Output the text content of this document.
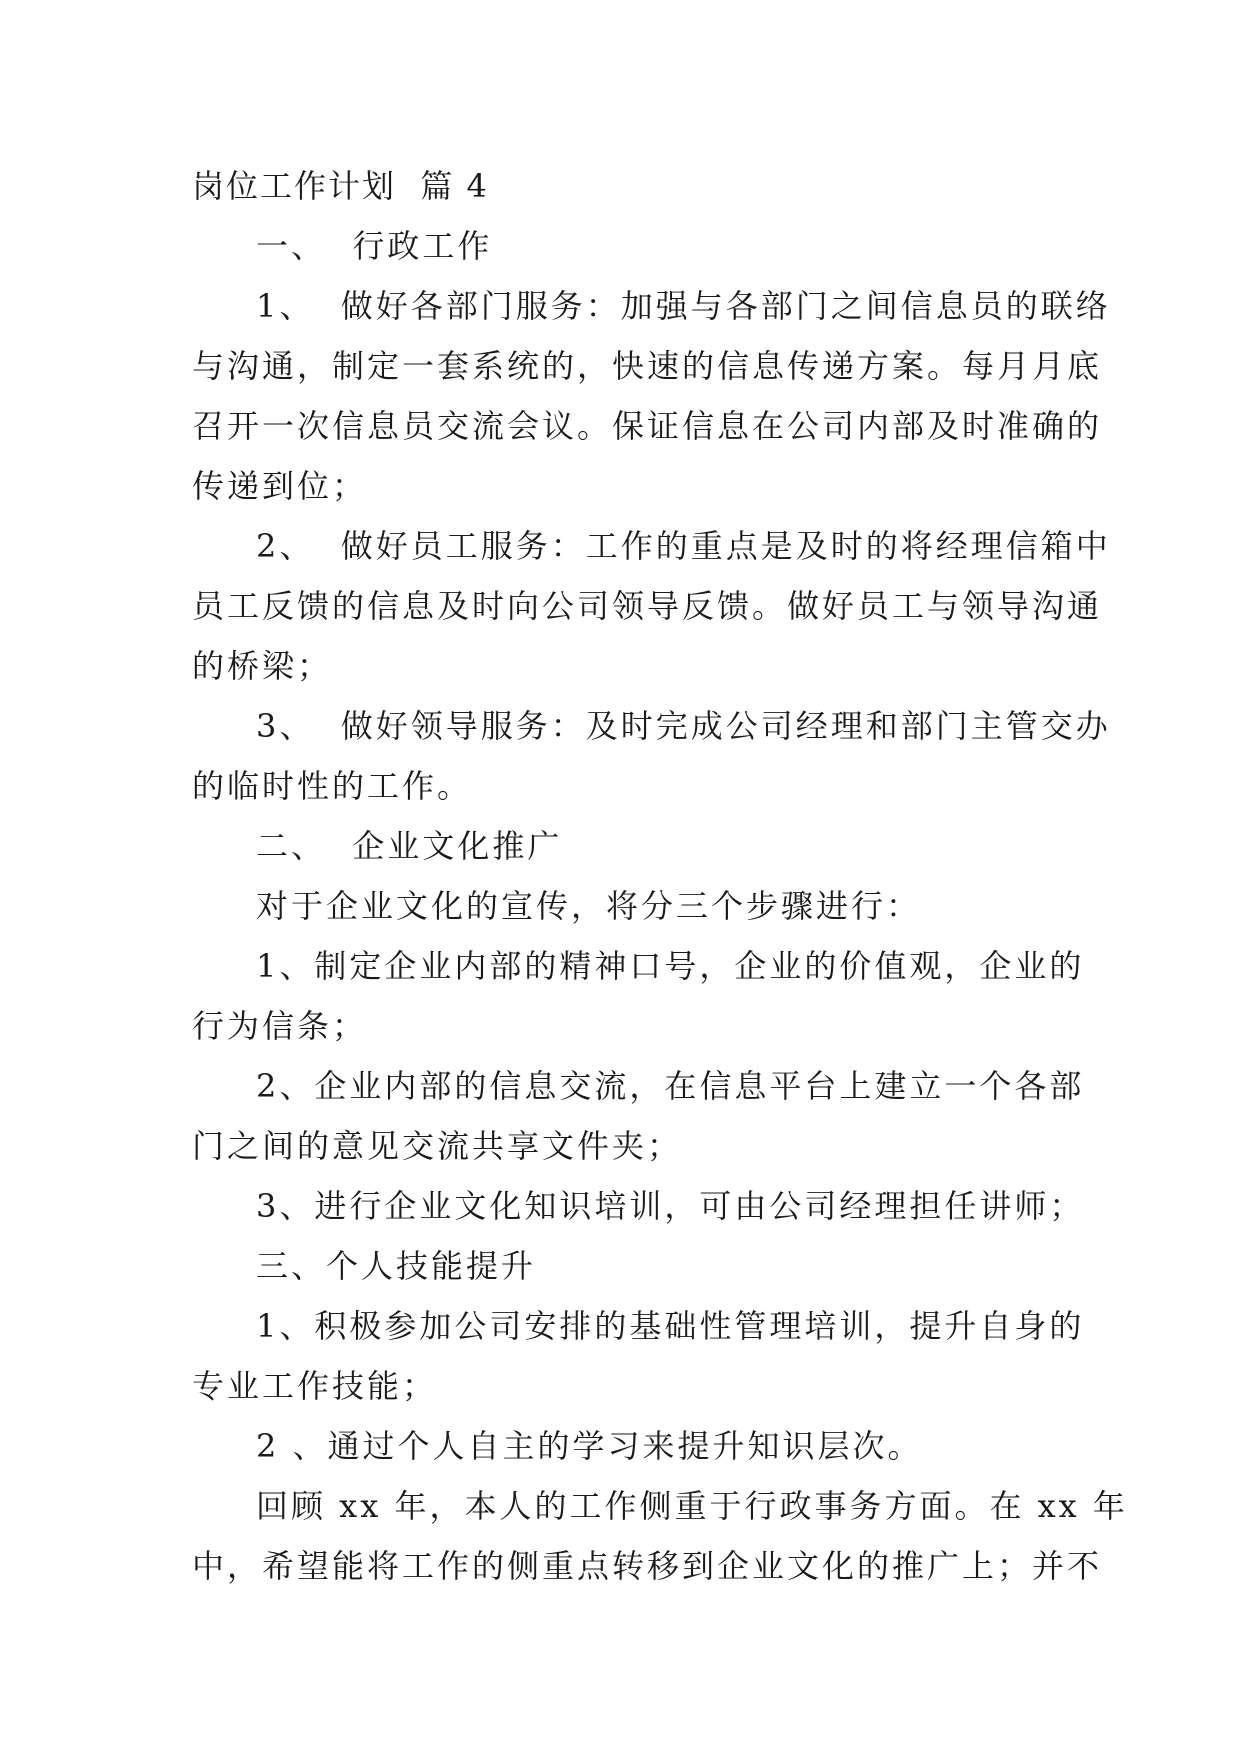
岗位工作计划  篇 4
一、  行政工作
1、  做好各部门服务：加强与各部门之间信息员的联络
与沟通，制定一套系统的，快速的信息传递方案。每月月底
召开一次信息员交流会议。保证信息在公司内部及时准确的
传递到位；
2、  做好员工服务：工作的重点是及时的将经理信箱中
员工反馈的信息及时向公司领导反馈。做好员工与领导沟通
的桥梁；
3、  做好领导服务：及时完成公司经理和部门主管交办
的临时性的工作。
二、  企业文化推广
对于企业文化的宣传，将分三个步骤进行：
1、制定企业内部的精神口号，企业的价值观，企业的
行为信条；
2、企业内部的信息交流，在信息平台上建立一个各部
门之间的意见交流共享文件夹；
3、进行企业文化知识培训，可由公司经理担任讲师；
三、个人技能提升
1、积极参加公司安排的基础性管理培训，提升自身的
专业工作技能；
2 、通过个人自主的学习来提升知识层次。
回顾 xx 年，本人的工作侧重于行政事务方面。在 xx 年
中，希望能将工作的侧重点转移到企业文化的推广上；并不
